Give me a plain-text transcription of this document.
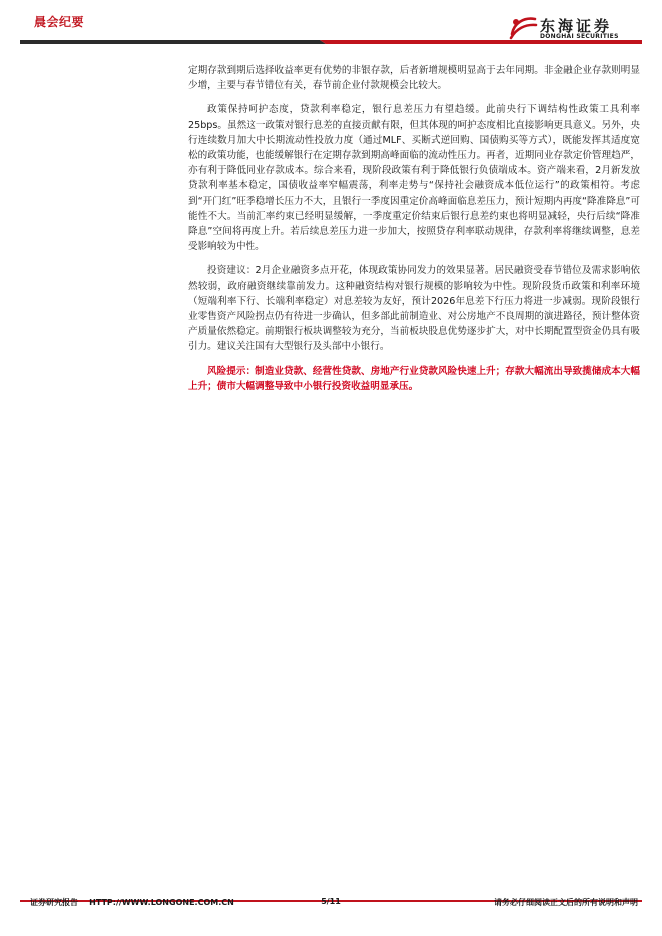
晨会纪要	东海证券
DONGHAI SECURITIES

定期存款到期后选择收益率更有优势的非银存款，后者新增规模明显高于去年同期。非金融企业存款则明显少增，主要与春节错位有关，春节前企业付款规模会比较大。

政策保持呵护态度，贷款利率稳定，银行息差压力有望趋缓。此前央行下调结构性政策工具利率25bps。虽然这一政策对银行息差的直接贡献有限，但其体现的呵护态度相比直接影响更具意义。另外，央行连续数月加大中长期流动性投放力度（通过MLF、买断式逆回购、国债购买等方式），既能发挥其适度宽松的政策功能，也能缓解银行在定期存款到期高峰面临的流动性压力。再者，近期同业存款定价管理趋严，亦有利于降低同业存款成本。综合来看，现阶段政策有利于降低银行负债端成本。资产端来看，2月新发放贷款利率基本稳定，国债收益率窄幅震荡，利率走势与“保持社会融资成本低位运行”的政策相符。考虑到“开门红”旺季稳增长压力不大，且银行一季度因重定价高峰面临息差压力，预计短期内再度“降准降息”可能性不大。当前汇率约束已经明显缓解，一季度重定价结束后银行息差约束也将明显减轻，央行后续“降准降息”空间将再度上升。若后续息差压力进一步加大，按照贷存利率联动规律，存款利率将继续调整，息差受影响较为中性。

投资建议：2月企业融资多点开花，体现政策协同发力的效果显著。居民融资受春节错位及需求影响依然较弱，政府融资继续靠前发力。这种融资结构对银行规模的影响较为中性。现阶段货币政策和利率环境（短端利率下行、长端利率稳定）对息差较为友好，预计2026年息差下行压力将进一步减弱。现阶段银行业零售资产风险拐点仍有待进一步确认，但多部此前制造业、对公房地产不良周期的演进路径，预计整体资产质量依然稳定。前期银行板块调整较为充分，当前板块股息优势逐步扩大，对中长期配置型资金仍具有吸引力。建议关注国有大型银行及头部中小银行。

风险提示：制造业贷款、经营性贷款、房地产行业贷款风险快速上升；存款大幅流出导致揽储成本大幅上升；债市大幅调整导致中小银行投资收益明显承压。

证券研究报告    HTTP://WWW.LONGONE.COM.CN	5/11	请务必仔细阅读正文后的所有说明和声明
